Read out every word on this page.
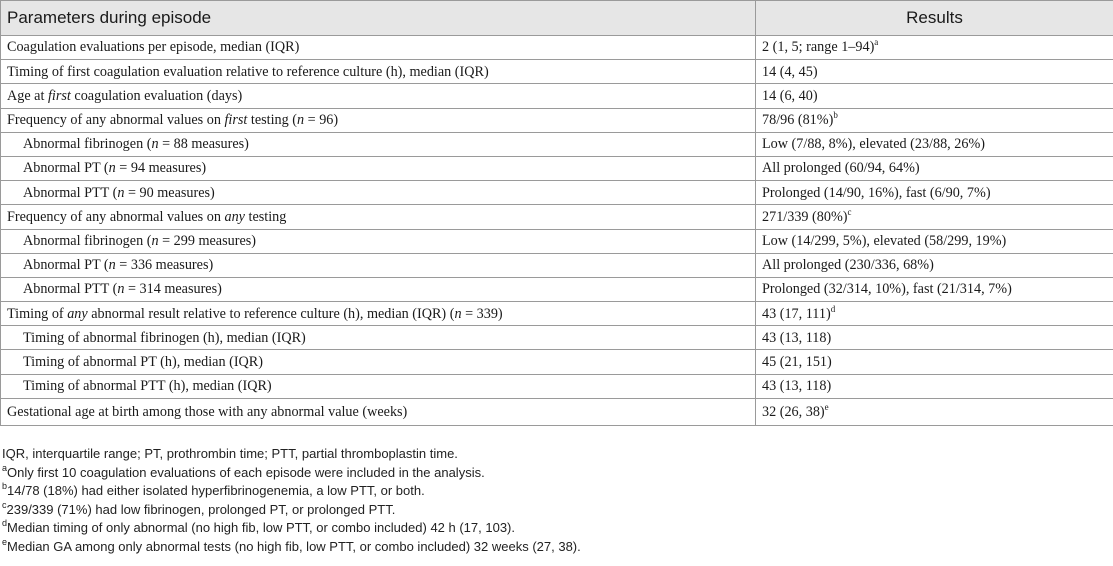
Parameters during episode	Results
Coagulation evaluations per episode, median (IQR)	2 (1, 5; range 1–94)$^a$
Timing of first coagulation evaluation relative to reference culture (h), median (IQR)	14 (4, 45)
Age at first coagulation evaluation (days)	14 (6, 40)
Frequency of any abnormal values on first testing (n = 96)	78/96 $(81\%)^b$
Abnormal fibrinogen (n = 88 measures)	Low (7/88, 8%), elevated (23/88, 26%)
Abnormal PT (n = 94 measures)	All prolonged (60/94, 64%)
Abnormal PTT (n = 90 measures)	Prolonged (14/90, 16%), fast (6/90, 7%)
Frequency of any abnormal values on any testing	271/339 $(80\%)^c$
Abnormal fibrinogen (n = 299 measures)	Low (14/299, 5%), elevated (58/299, 19%)
Abnormal PT (n = 336 measures)	All prolonged (230/336, 68%)
Abnormal PTT (n = 314 measures)	Prolonged (32/314, 10%), fast (21/314, 7%)
Timing of any abnormal result relative to reference culture (h), median (IQR) (n = 339)	43 (17, 111)$^d$
Timing of abnormal fibrinogen (h), median (IQR)	43 (13, 118)
Timing of abnormal PT (h), median (IQR)	45 (21, 151)
Timing of abnormal PTT (h), median (IQR)	43 (13, 118)
Gestational age at birth among those with any abnormal value (weeks)	32 (26, 38)$^e$

IQR, interquartile range; PT, prothrombin time; PTT, partial thromboplastin time.

$^a$Only first 10 coagulation evaluations of each episode were included in the analysis.

$^b$14/78 (18%) had either isolated hyperfibrinogenemia, a low PTT, or both.

$^c$239/339 (71%) had low fibrinogen, prolonged PT, or prolonged PTT.

$^d$Median timing of only abnormal (no high fib, low PTT, or combo included) 42 h (17, 103).

$^e$Median GA among only abnormal tests (no high fib, low PTT, or combo included) 32 weeks (27, 38).
